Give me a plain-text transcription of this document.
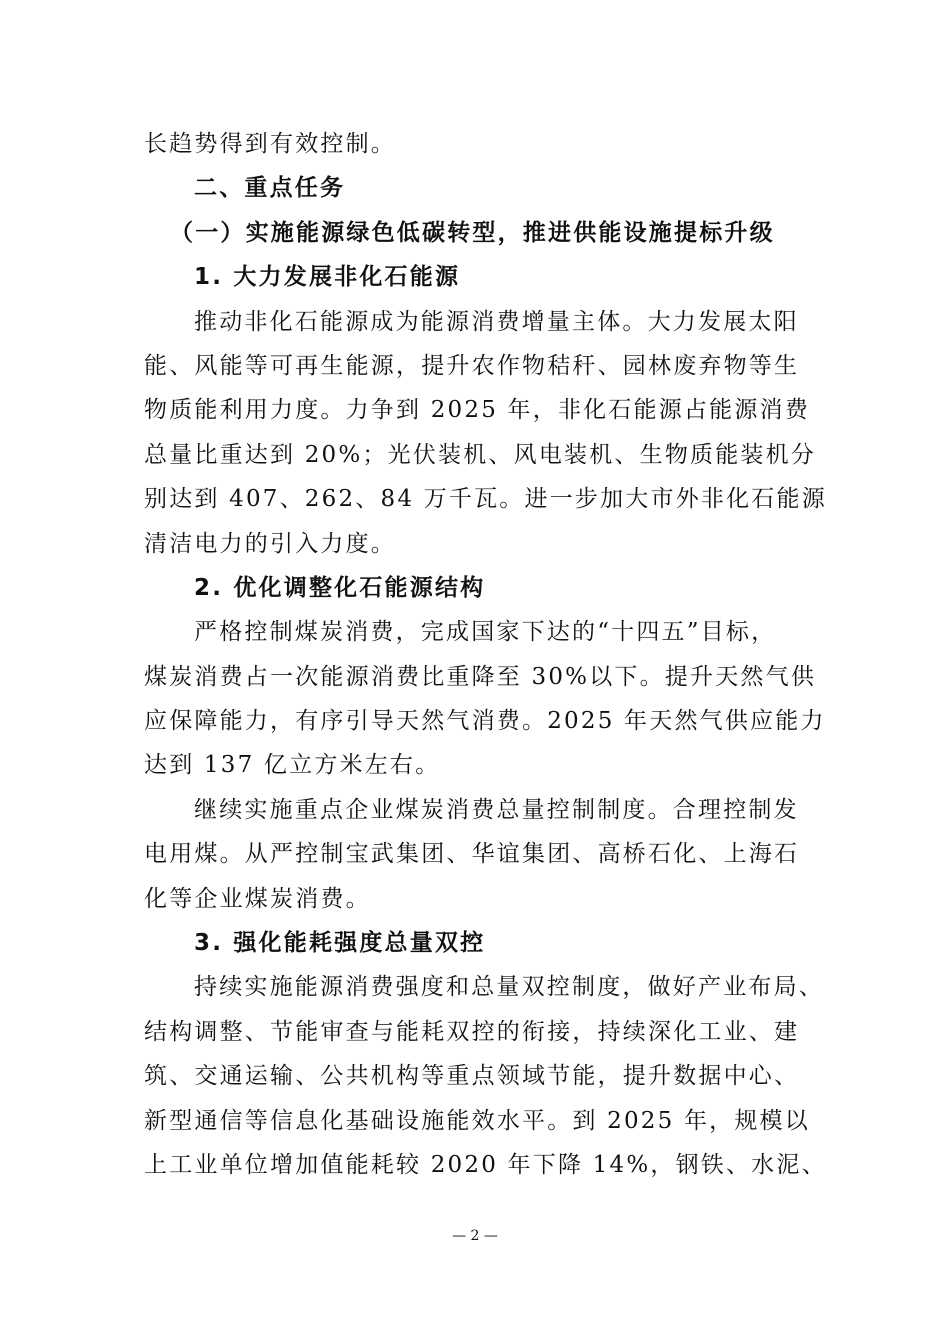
长趋势得到有效控制。
二、重点任务
（一）实施能源绿色低碳转型，推进供能设施提标升级
1. 大力发展非化石能源
推动非化石能源成为能源消费增量主体。大力发展太阳
能、风能等可再生能源，提升农作物秸秆、园林废弃物等生
物质能利用力度。力争到 2025 年，非化石能源占能源消费
总量比重达到 20%；光伏装机、风电装机、生物质能装机分
别达到 407、262、84 万千瓦。进一步加大市外非化石能源
清洁电力的引入力度。
2. 优化调整化石能源结构
严格控制煤炭消费，完成国家下达的“十四五”目标，
煤炭消费占一次能源消费比重降至 30%以下。提升天然气供
应保障能力，有序引导天然气消费。2025 年天然气供应能力
达到 137 亿立方米左右。
继续实施重点企业煤炭消费总量控制制度。合理控制发
电用煤。从严控制宝武集团、华谊集团、高桥石化、上海石
化等企业煤炭消费。
3. 强化能耗强度总量双控
持续实施能源消费强度和总量双控制度，做好产业布局、
结构调整、节能审查与能耗双控的衔接，持续深化工业、建
筑、交通运输、公共机构等重点领域节能，提升数据中心、
新型通信等信息化基础设施能效水平。到 2025 年，规模以
上工业单位增加值能耗较 2020 年下降 14%，钢铁、水泥、
— 2 —
